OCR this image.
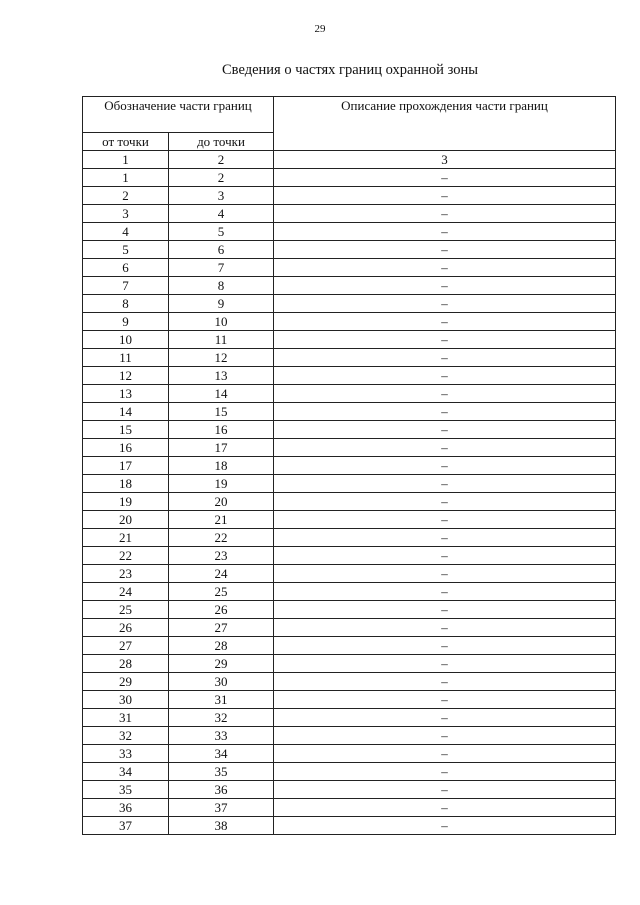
29
Сведения о частях границ охранной зоны
Обозначение части границ		Описание прохождения части границ
от точки	до точки	
1	2	3
1	2	–
2	3	–
3	4	–
4	5	–
5	6	–
6	7	–
7	8	–
8	9	–
9	10	–
10	11	–
11	12	–
12	13	–
13	14	–
14	15	–
15	16	–
16	17	–
17	18	–
18	19	–
19	20	–
20	21	–
21	22	–
22	23	–
23	24	–
24	25	–
25	26	–
26	27	–
27	28	–
28	29	–
29	30	–
30	31	–
31	32	–
32	33	–
33	34	–
34	35	–
35	36	–
36	37	–
37	38	–
